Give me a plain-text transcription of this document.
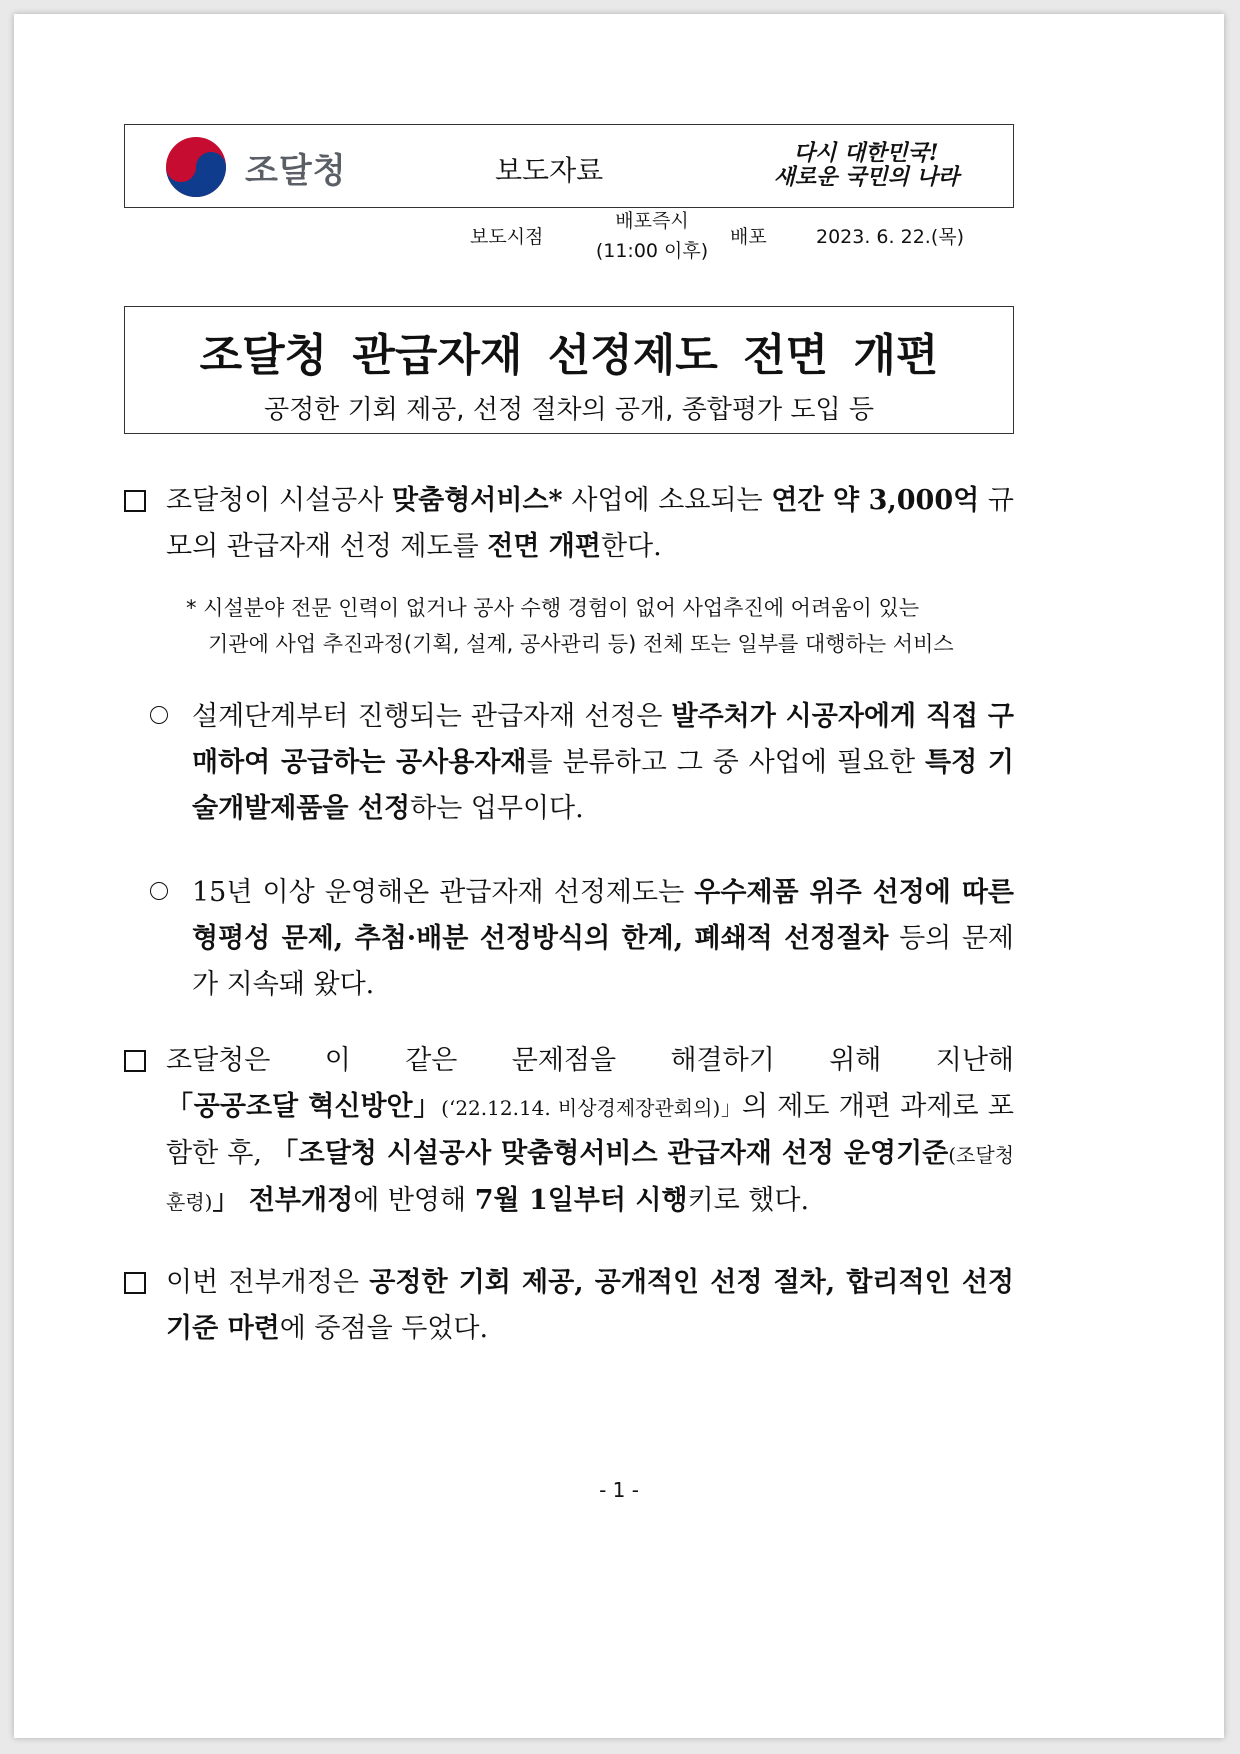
조달청	보도자료
다시 대한민국!
새로운 국민의 나라
보도시점
배포즉시
(11:00 이후)
배포	2023. 6. 22.(목)
조달청 관급자재 선정제도 전면 개편
공정한 기회 제공, 선정 절차의 공개, 종합평가 도입 등
조달청이 시설공사 맞춤형서비스* 사업에 소요되는 연간 약 3,000억 규모의 관급자재 선정 제도를 전면 개편한다.
* 시설분야 전문 인력이 없거나 공사 수행 경험이 없어 사업추진에 어려움이 있는
기관에 사업 추진과정(기획, 설계, 공사관리 등) 전체 또는 일부를 대행하는 서비스
설계단계부터 진행되는 관급자재 선정은 발주처가 시공자에게 직접 구매하여 공급하는 공사용자재를 분류하고 그 중 사업에 필요한 특정 기술개발제품을 선정하는 업무이다.
15년 이상 운영해온 관급자재 선정제도는 우수제품 위주 선정에 따른 형평성 문제, 추첨·배분 선정방식의 한계, 폐쇄적 선정절차 등의 문제가 지속돼 왔다.
조달청은 이 같은 문제점을 해결하기 위해 지난해 「공공조달 혁신방안」(‘22.12.14. 비상경제장관회의)」의 제도 개편 과제로 포함한 후, 「조달청 시설공사 맞춤형서비스 관급자재 선정 운영기준(조달청훈령)」 전부개정에 반영해 7월 1일부터 시행키로 했다.
이번 전부개정은 공정한 기회 제공, 공개적인 선정 절차, 합리적인 선정 기준 마련에 중점을 두었다.
- 1 -
